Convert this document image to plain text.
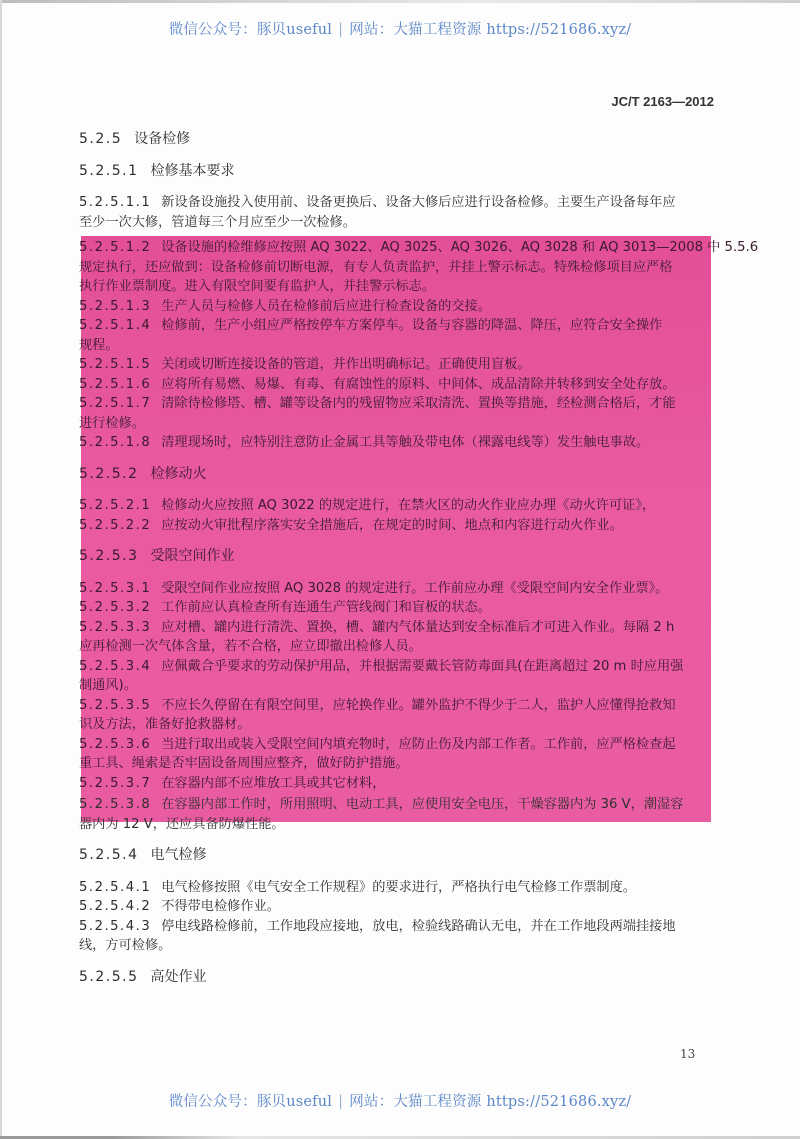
微信公众号：豚贝useful | 网站：大猫工程资源 https://521686.xyz/
JC/T 2163—2012
5.2.5 设备检修
5.2.5.1 检修基本要求
5.2.5.1.1 新设备设施投入使用前、设备更换后、设备大修后应进行设备检修。主要生产设备每年应
至少一次大修，管道每三个月应至少一次检修。
5.2.5.1.2 设备设施的检维修应按照 AQ 3022、AQ 3025、AQ 3026、AQ 3028 和 AQ 3013—2008 中 5.5.6
规定执行，还应做到：设备检修前切断电源，有专人负责监护，并挂上警示标志。特殊检修项目应严格
执行作业票制度。进入有限空间要有监护人，并挂警示标志。
5.2.5.1.3 生产人员与检修人员在检修前后应进行检查设备的交接。
5.2.5.1.4 检修前，生产小组应严格按停车方案停车。设备与容器的降温、降压，应符合安全操作
规程。
5.2.5.1.5 关闭或切断连接设备的管道，并作出明确标记。正确使用盲板。
5.2.5.1.6 应将所有易燃、易爆、有毒、有腐蚀性的原料、中间体、成品清除并转移到安全处存放。
5.2.5.1.7 清除待检修塔、槽、罐等设备内的残留物应采取清洗、置换等措施，经检测合格后，才能
进行检修。
5.2.5.1.8 清理现场时，应特别注意防止金属工具等触及带电体（裸露电线等）发生触电事故。
5.2.5.2 检修动火
5.2.5.2.1 检修动火应按照 AQ 3022 的规定进行，在禁火区的动火作业应办理《动火许可证》，
5.2.5.2.2 应按动火审批程序落实安全措施后，在规定的时间、地点和内容进行动火作业。
5.2.5.3 受限空间作业
5.2.5.3.1 受限空间作业应按照 AQ 3028 的规定进行。工作前应办理《受限空间内安全作业票》。
5.2.5.3.2 工作前应认真检查所有连通生产管线阀门和盲板的状态。
5.2.5.3.3 应对槽、罐内进行清洗、置换，槽、罐内气体量达到安全标准后才可进入作业。每隔 2 h
应再检测一次气体含量，若不合格，应立即撤出检修人员。
5.2.5.3.4 应佩戴合乎要求的劳动保护用品，并根据需要戴长管防毒面具(在距离超过 20 m 时应用强
制通风)。
5.2.5.3.5 不应长久停留在有限空间里，应轮换作业。罐外监护不得少于二人，监护人应懂得抢救知
识及方法，准备好抢救器材。
5.2.5.3.6 当进行取出或装入受限空间内填充物时，应防止伤及内部工作者。工作前，应严格检查起
重工具、绳索是否牢固设备周围应整齐，做好防护措施。
5.2.5.3.7 在容器内部不应堆放工具或其它材料，
5.2.5.3.8 在容器内部工作时，所用照明、电动工具，应使用安全电压，干燥容器内为 36 V，潮湿容
器内为 12 V，还应具备防爆性能。
5.2.5.4 电气检修
5.2.5.4.1 电气检修按照《电气安全工作规程》的要求进行，严格执行电气检修工作票制度。
5.2.5.4.2 不得带电检修作业。
5.2.5.4.3 停电线路检修前，工作地段应接地，放电，检验线路确认无电，并在工作地段两端挂接地
线，方可检修。
5.2.5.5 高处作业
13
微信公众号：豚贝useful | 网站：大猫工程资源 https://521686.xyz/
